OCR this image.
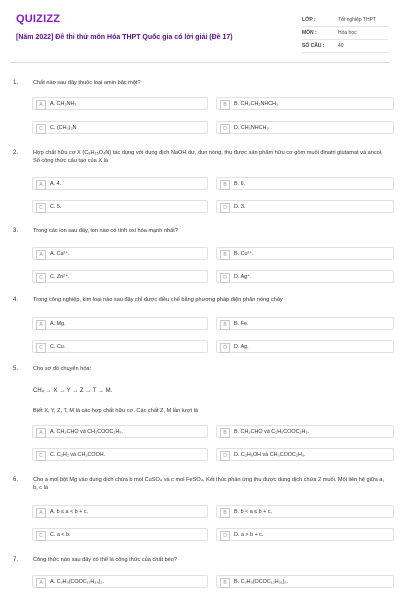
QUIZIZZ
[Năm 2022] Đề thi thử môn Hóa THPT Quốc gia có lời giải (Đề 17)
LỚP :	Tốt nghiệp THPT
MÔN :	Hóa học
SỐ CÂU :	40
1.	Chất nào sau đây thuộc loại amin bậc một?
A	A. CH₃NH₂	B	B. CH₃CH₂NHCH₃
C	C. (CH₃)₃N	D	D. CH₃NHCH₃
2.	Hợp chất hữu cơ X (C₈H₁₅O₄N) tác dụng với dung dịch NaOH dư, đun nóng, thu được sản phẩm hữu cơ gồm muối đinatri glutamat và ancol. Số công thức cấu tạo của X là
A	A. 4.	B	B. 6.
C	C. 5.	D	D. 3.
3.	Trong các ion sau đây, ion nào có tính oxi hóa mạnh nhất?
A	A. Ca²⁺.	B	B. Cu²⁺.
C	C. Zn²⁺.	D	D. Ag⁺.
4.	Trong công nghiệp, kim loại nào sau đây chỉ được điều chế bằng phương pháp điện phân nóng chảy
A	A. Mg.	B	B. Fe.
C	C. Cu.	D	D. Ag.
5.	Cho sơ đồ chuyển hóa:
CH₄ → X → Y → Z → T → M.
Biết X, Y, Z, T, M là các hợp chất hữu cơ. Các chất Z, M lần lượt là
A	A. CH₃CHO và CH₃COOC₂H₅.	B	B. CH₃CHO và C₂H₅COOC₂H₅.
C	C. C₂H₂ và CH₃COOH.	D	D. C₂H₅OH và CH₃COOC₂H₃.
6.	Cho a mol bột Mg vào dung dịch chứa b mol CuSO₄ và c mol FeSO₄. Kết thúc phản ứng thu được dung dịch chứa 2 muối. Mối liên hệ giữa a, b, c là
A	A. b ≤ a < b + c.	B	B. b < a ≤ b + c.
C	C. a < b.	D	D. a > b + c.
7.	Công thức nào sau đây có thể là công thức của chất béo?
A	A. C₃H₅(COOC₁₇H₃₅)₃.	B	B. C₃H₅(OCOC₁₃H₃₁)₃.
